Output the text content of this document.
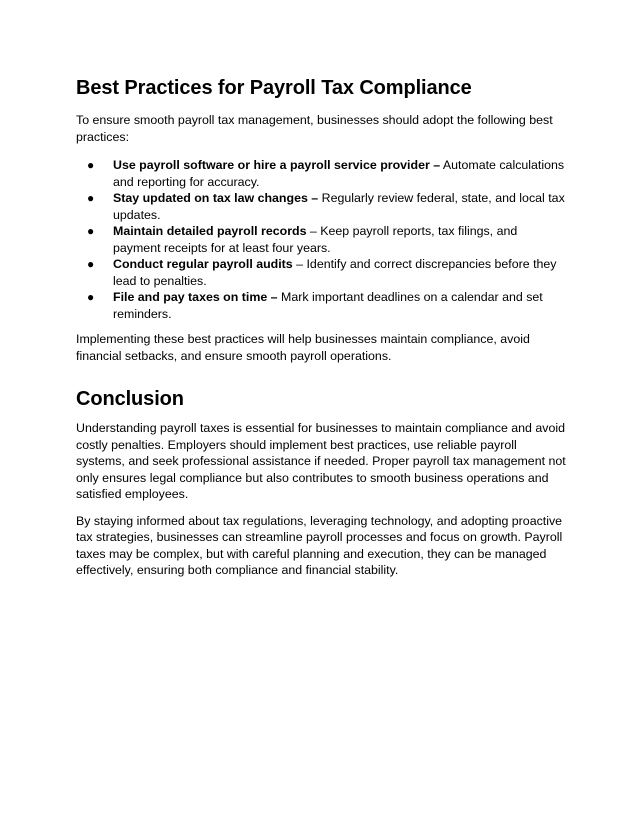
Best Practices for Payroll Tax Compliance

To ensure smooth payroll tax management, businesses should adopt the following best practices:

● Use payroll software or hire a payroll service provider – Automate calculations and reporting for accuracy.
● Stay updated on tax law changes – Regularly review federal, state, and local tax updates.
● Maintain detailed payroll records – Keep payroll reports, tax filings, and payment receipts for at least four years.
● Conduct regular payroll audits – Identify and correct discrepancies before they lead to penalties.
● File and pay taxes on time – Mark important deadlines on a calendar and set reminders.

Implementing these best practices will help businesses maintain compliance, avoid financial setbacks, and ensure smooth payroll operations.

Conclusion

Understanding payroll taxes is essential for businesses to maintain compliance and avoid costly penalties. Employers should implement best practices, use reliable payroll systems, and seek professional assistance if needed. Proper payroll tax management not only ensures legal compliance but also contributes to smooth business operations and satisfied employees.

By staying informed about tax regulations, leveraging technology, and adopting proactive tax strategies, businesses can streamline payroll processes and focus on growth. Payroll taxes may be complex, but with careful planning and execution, they can be managed effectively, ensuring both compliance and financial stability.
